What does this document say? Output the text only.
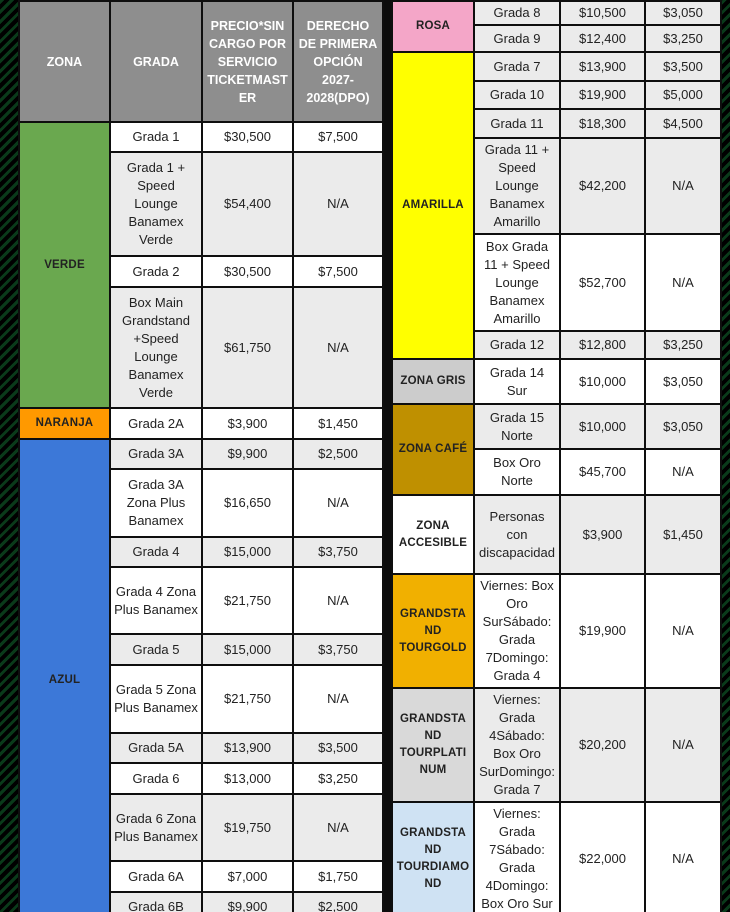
ZONA	GRADA	PRECIO*SIN CARGO POR SERVICIO TICKETMASTER	DERECHO DE PRIMERA OPCIÓN 2027-2028(DPO)
VERDE	Grada 1	$30,500	$7,500
	Grada 1 + Speed Lounge Banamex Verde	$54,400	N/A
	Grada 2	$30,500	$7,500
	Box Main Grandstand +Speed Lounge Banamex Verde	$61,750	N/A
NARANJA	Grada 2A	$3,900	$1,450
AZUL	Grada 3A	$9,900	$2,500
	Grada 3A Zona Plus Banamex	$16,650	N/A
	Grada 4	$15,000	$3,750
	Grada 4 Zona Plus Banamex	$21,750	N/A
	Grada 5	$15,000	$3,750
	Grada 5 Zona Plus Banamex	$21,750	N/A
	Grada 5A	$13,900	$3,500
	Grada 6	$13,000	$3,250
	Grada 6 Zona Plus Banamex	$19,750	N/A
	Grada 6A	$7,000	$1,750
	Grada 6B	$9,900	$2,500
ROSA	Grada 8	$10,500	$3,050
	Grada 9	$12,400	$3,250
AMARILLA	Grada 7	$13,900	$3,500
	Grada 10	$19,900	$5,000
	Grada 11	$18,300	$4,500
	Grada 11 + Speed Lounge Banamex Amarillo	$42,200	N/A
	Box Grada 11 + Speed Lounge Banamex Amarillo	$52,700	N/A
	Grada 12	$12,800	$3,250
ZONA GRIS	Grada 14 Sur	$10,000	$3,050
ZONA CAFÉ	Grada 15 Norte	$10,000	$3,050
	Box Oro Norte	$45,700	N/A
ZONA ACCESIBLE	Personas con discapacidad	$3,900	$1,450
GRANDSTAND TOURGOLD	Viernes: Box Oro SurSábado: Grada 7Domingo: Grada 4	$19,900	N/A
GRANDSTAND TOURPLATINUM	Viernes: Grada 4Sábado: Box Oro SurDomingo: Grada 7	$20,200	N/A
GRANDSTAND TOURDIAMOND	Viernes: Grada 7Sábado: Grada 4Domingo: Box Oro Sur	$22,000	N/A
